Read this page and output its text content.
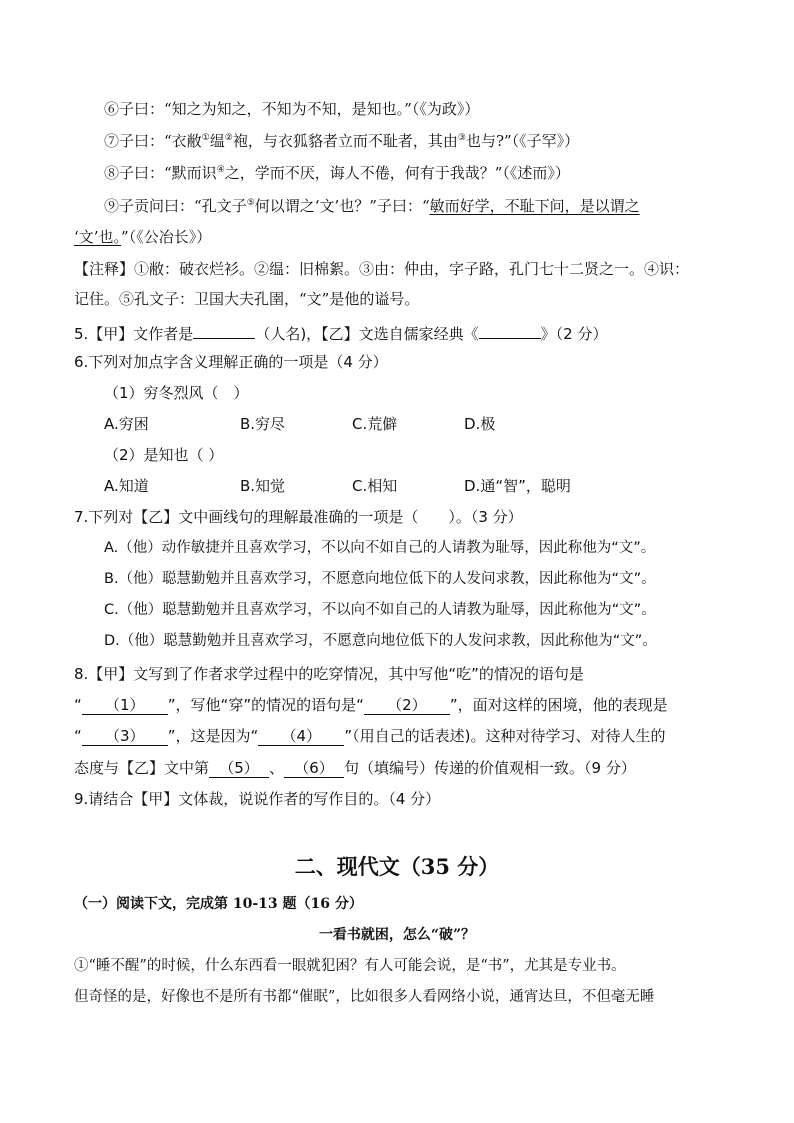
⑥子曰：“知之为知之，不知为不知，是知也。”（《为政》）
⑦子曰：“衣敝①缊②袍，与衣狐貉者立而不耻者，其由③也与?”（《子罕》）
⑧子曰：“默而识④之，学而不厌，诲人不倦，何有于我哉？”（《述而》）
⑨子贡问曰：“孔文子⑤何以谓之‘文’也？”子曰：“敏而好学，不耻下问，是以谓之
‘文’也。”（《公冶长》）
【注释】①敝：破衣烂衫。②缊：旧棉絮。③由：仲由，字子路，孔门七十二贤之一。④识：
记住。⑤孔文子：卫国大夫孔圉，“文”是他的谥号。
5.【甲】文作者是	（人名)，【乙】文选自儒家经典《	》（2 分）
6.下列对加点字含义理解正确的一项是（4 分）
（1）穷冬烈风（　）
A.穷困	B.穷尽	C.荒僻	D.极
（2）是知也（ ）
A.知道	B.知觉	C.相知	D.通“智”，聪明
7.下列对【乙】文中画线句的理解最准确的一项是（　　）。（3 分）
A.（他）动作敏捷并且喜欢学习，不以向不如自己的人请教为耻辱，因此称他为“文”。
B.（他）聪慧勤勉并且喜欢学习，不愿意向地位低下的人发问求教，因此称他为“文”。
C.（他）聪慧勤勉并且喜欢学习，不以向不如自己的人请教为耻辱，因此称他为“文”。
D.（他）聪慧勤勉并且喜欢学习，不愿意向地位低下的人发问求教，因此称他为“文”。
8.【甲】文写到了作者求学过程中的吃穿情况，其中写他“吃”的情况的语句是
“ （1） ”，写他“穿”的情况的语句是“ （2） ”，面对这样的困境，他的表现是
“ （3） ”，这是因为“ （4） ”（用自己的话表述)。这种对待学习、对待人生的
态度与【乙】文中第 （5） 、 （6） 句（填编号）传递的价值观相一致。（9 分）
9.请结合【甲】文体裁，说说作者的写作目的。（4 分）
二、现代文（35 分）
（一）阅读下文，完成第 10-13 题（16 分）
一看书就困，怎么“破”？
①“睡不醒”的时候，什么东西看一眼就犯困？有人可能会说，是“书”，尤其是专业书。
但奇怪的是，好像也不是所有书都“催眠”，比如很多人看网络小说，通宵达旦，不但毫无睡
